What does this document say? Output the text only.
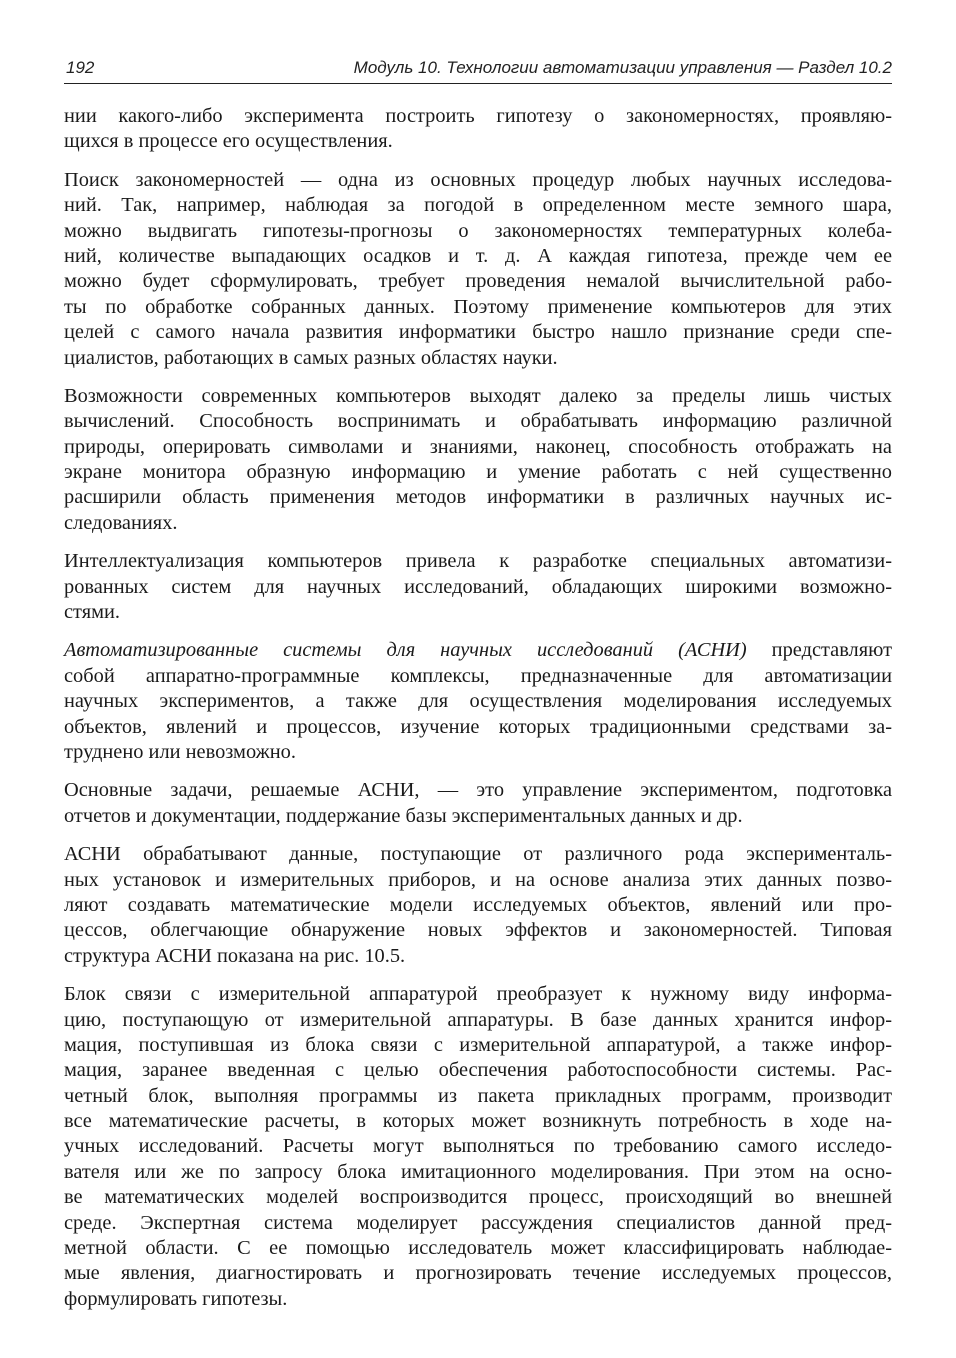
192	Модуль 10. Технологии автоматизации управления — Раздел 10.2
нии какого-либо эксперимента построить гипотезу о закономерностях, проявляю-
щихся в процессе его осуществления.
Поиск закономерностей — одна из основных процедур любых научных исследова-
ний. Так, например, наблюдая за погодой в определенном месте земного шара,
можно выдвигать гипотезы-прогнозы о закономерностях температурных колеба-
ний, количестве выпадающих осадков и т. д. А каждая гипотеза, прежде чем ее
можно будет сформулировать, требует проведения немалой вычислительной рабо-
ты по обработке собранных данных. Поэтому применение компьютеров для этих
целей с самого начала развития информатики быстро нашло признание среди спе-
циалистов, работающих в самых разных областях науки.
Возможности современных компьютеров выходят далеко за пределы лишь чистых
вычислений. Способность воспринимать и обрабатывать информацию различной
природы, оперировать символами и знаниями, наконец, способность отображать на
экране монитора образную информацию и умение работать с ней существенно
расширили область применения методов информатики в различных научных ис-
следованиях.
Интеллектуализация компьютеров привела к разработке специальных автоматизи-
рованных систем для научных исследований, обладающих широкими возможно-
стями.
Автоматизированные системы для научных исследований (АСНИ) представляют
собой аппаратно-программные комплексы, предназначенные для автоматизации
научных экспериментов, а также для осуществления моделирования исследуемых
объектов, явлений и процессов, изучение которых традиционными средствами за-
труднено или невозможно.
Основные задачи, решаемые АСНИ, — это управление экспериментом, подготовка
отчетов и документации, поддержание базы экспериментальных данных и др.
АСНИ обрабатывают данные, поступающие от различного рода эксперименталь-
ных установок и измерительных приборов, и на основе анализа этих данных позво-
ляют создавать математические модели исследуемых объектов, явлений или про-
цессов, облегчающие обнаружение новых эффектов и закономерностей. Типовая
структура АСНИ показана на рис. 10.5.
Блок связи с измерительной аппаратурой преобразует к нужному виду информа-
цию, поступающую от измерительной аппаратуры. В базе данных хранится инфор-
мация, поступившая из блока связи с измерительной аппаратурой, а также инфор-
мация, заранее введенная с целью обеспечения работоспособности системы. Рас-
четный блок, выполняя программы из пакета прикладных программ, производит
все математические расчеты, в которых может возникнуть потребность в ходе на-
учных исследований. Расчеты могут выполняться по требованию самого исследо-
вателя или же по запросу блока имитационного моделирования. При этом на осно-
ве математических моделей воспроизводится процесс, происходящий во внешней
среде. Экспертная система моделирует рассуждения специалистов данной пред-
метной области. С ее помощью исследователь может классифицировать наблюдае-
мые явления, диагностировать и прогнозировать течение исследуемых процессов,
формулировать гипотезы.
